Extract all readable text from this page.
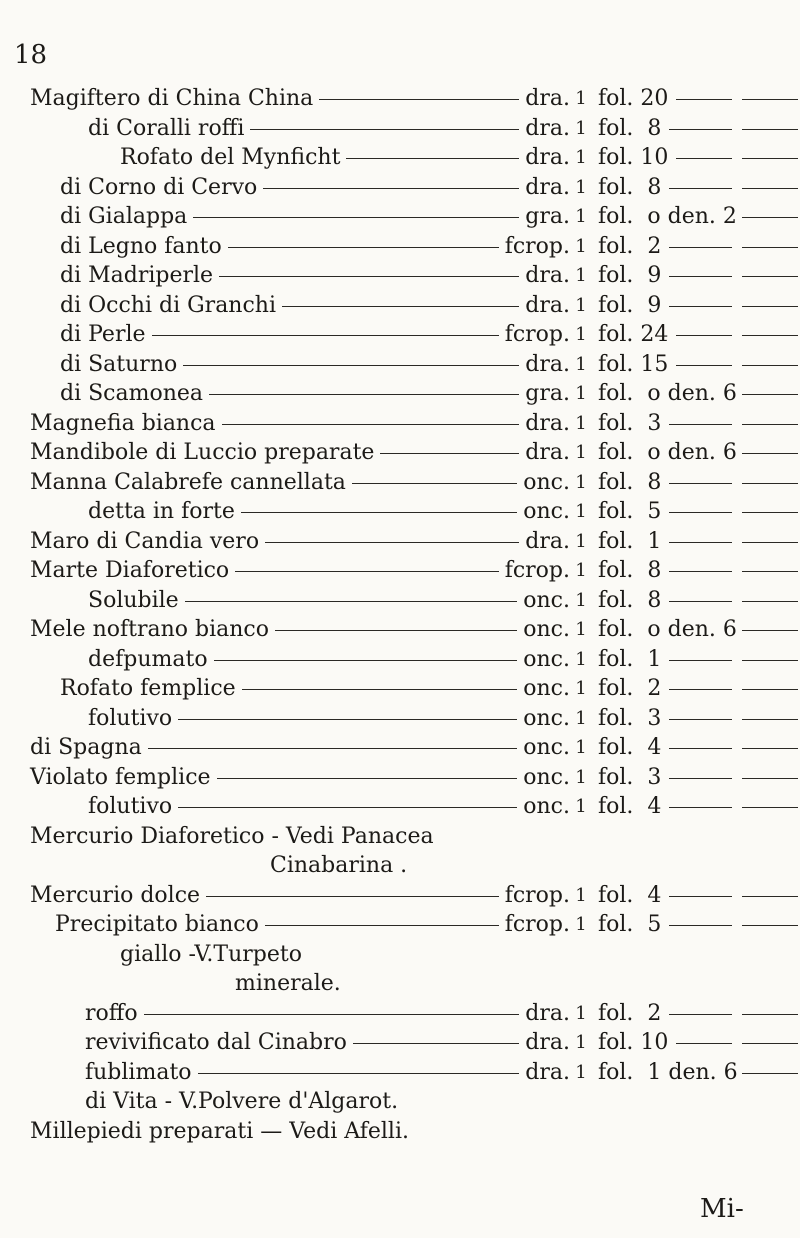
18
Magiftero di China China	dra. 1 fol. 20
di Coralli roffi	dra. 1 fol.  8
Rofato del Mynficht	dra. 1 fol. 10
di Corno di Cervo	dra. 1 fol.  8
di Gialappa	gra. 1 fol.  o den. 2
di Legno fanto	fcrop. 1 fol.  2
di Madriperle	dra. 1 fol.  9
di Occhi di Granchi	dra. 1 fol.  9
di Perle	fcrop. 1 fol. 24
di Saturno	dra. 1 fol. 15
di Scamonea	gra. 1 fol.  o den. 6
Magnefia bianca	dra. 1 fol.  3
Mandibole di Luccio preparate	dra. 1 fol.  o den. 6
Manna Calabrefe cannellata	onc. 1 fol.  8
detta in forte	onc. 1 fol.  5
Maro di Candia vero	dra. 1 fol.  1
Marte Diaforetico	fcrop. 1 fol.  8
Solubile	onc. 1 fol.  8
Mele noftrano bianco	onc. 1 fol.  o den. 6
defpumato	onc. 1 fol.  1
Rofato femplice	onc. 1 fol.  2
folutivo	onc. 1 fol.  3
di Spagna	onc. 1 fol.  4
Violato femplice	onc. 1 fol.  3
folutivo	onc. 1 fol.  4
Mercurio Diaforetico - Vedi Panacea
Cinabarina .
Mercurio dolce	fcrop. 1 fol.  4
Precipitato bianco	fcrop. 1 fol.  5
giallo -V.Turpeto
minerale.
roffo	dra. 1 fol.  2
revivificato dal Cinabro	dra. 1 fol. 10
fublimato	dra. 1 fol.  1 den. 6
di Vita - V.Polvere d'Algarot.
Millepiedi preparati — Vedi Afelli.
Mi-
